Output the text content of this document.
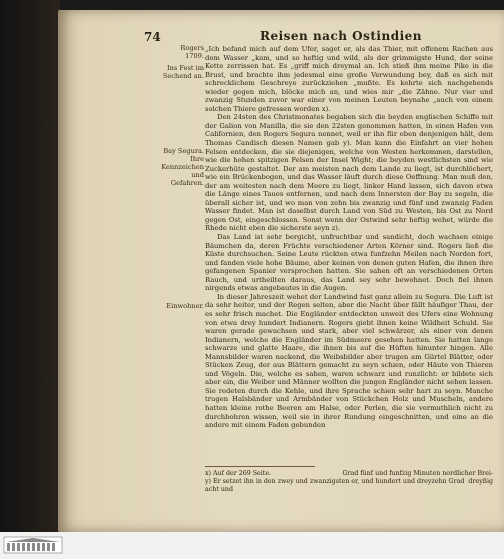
74	Reisen nach Ostindien
Rogers 1709.
Ins Fest im Sechend an.
Bay Segura. Ihre Kennzeichen und Gefahren.
Einwohner.

„Ich befand mich auf dem Ufer, saget er, als das Thier, mit offenem Rachen aus dem Wasser „kam, und so heftig und wild, als der grimmigste Hund, der seine Kette zerrissen hat. Es „griff mich dreymal an. Ich stieß ihm meine Pike in die Brust, und brachte ihm jedesmal eine große Verwundung bey, daß es sich mit schrecklichem Geschreye zurückziehen „mußte. Es kehrte sich nachgehends wieder gegen mich, blöcke mich an, und wies mir „die Zähne. Nur vier und zwanzig Stunden zuvor war einer von meinen Leuten beynahe „auch von einem solchen Thiere gefressen worden x).

Den 24sten des Christmonates begaben sich die beyden englischen Schiffe mit der Galion von Manilla, die sie den 22sten genommen hatten, in einen Hafen von Californien, den Rogers Segura nennet, weil er ihn für eben denjenigen hält, dem Thomas Candisch diesen Namen gab y). Man kann die Einfahrt an vier hohen Felsen entdecken, die sie diejenigen, welche von Westen herkommen, darstellen, wie die hohen spitzigen Felsen der Insel Wight; die beyden westlichsten sind wie Zuckerhüte gestaltet. Der am meisten nach dem Lande zu liegt, ist durchlöchert, wie ein Brückenbogen, und das Wasser läuft durch diese Oeffnung. Man muß den, der am weitesten nach dem Meere zu liegt, linker Hand lassen, sich davon etwa die Länge eines Taues entfernen, und nach dem Innersten der Bay zu segeln, die überall sicher ist, und wo man von zehn bis zwanzig und fünf und zwanzig Faden Wasser findet. Man ist daselbst durch Land von Süd zu Westen, bis Ost zu Nord gegen Ost, eingeschlossen. Sonst wenn der Ostwind sehr heftig wehet, würde die Rhede nicht eben die sicherste seyn z).

Das Land ist sehr bergicht, unfruchtbar und sandicht, doch wachsen einige Bäumchen da, deren Früchte verschiedener Arten Körner sind. Rogers ließ die Küste durchsuchen. Seine Leute rückten etwa funfzehn Meilen nach Norden fort, und fanden viele hohe Bäume, aber keinen von denen guten Hafen, die ihnen ihre gefangenen Spanier versprochen hatten. Sie sahen oft an verschiedenen Orten Rauch, und urtheilten daraus, das Land sey sehr bewohnet. Doch fiel ihnen nirgends etwas angebautes in die Augen.

In dieser Jahreszeit wehet der Landwind fast ganz allein zu Segura. Die Luft ist da sehr heiter, und der Regen selten, aber die Nacht über fällt häufiger Thau, der es sehr frisch machet. Die Engländer entdeckten unweit des Ufers eine Wohnung von etwa drey hundert Indianern. Rogers giebt ihnen keine Wildheit Schuld. Sie waren gerade gewachsen und stark, aber viel schwärzer, als einer von denen Indianern, welche die Engländer im Südmeere gesehen hatten. Sie hatten lange schwarze und glatte Haare, die ihnen bis auf die Hüften hinunter hingen. Alle Mannsbilder waren nackend, die Weibsbilder aber trugen am Gürtel Blätter, oder Stücken Zeug, der aus Blättern gemacht zu seyn schien, oder Häute von Thieren und Vögeln. Die, welche es sahen, waren schwarz und runzlicht: er bildete sich aber ein, die Weiber und Männer wollten die jungen Engländer nicht sehen lassen. Sie redeten durch die Kehle, und ihre Sprache schien sehr hart zu seyn. Manche trugen Halsbänder und Armbänder von Stückchen Holz und Muscheln, andere hatten kleine rothe Beeren am Halse, oder Perlen, die sie vermuthlich nicht zu durchbohren wissen, weil sie in ihrer Rundung eingeschnitten, und eine an die andere mit einem Faden gebunden

x) Auf der 269 Seite.	Grad fünf und funfzig Minuten nordlicher Brei-
y) Er setzet ihn in den zwey und zwanzigsten er, und hundert und dreyzehn Grad acht und
dreyßig
